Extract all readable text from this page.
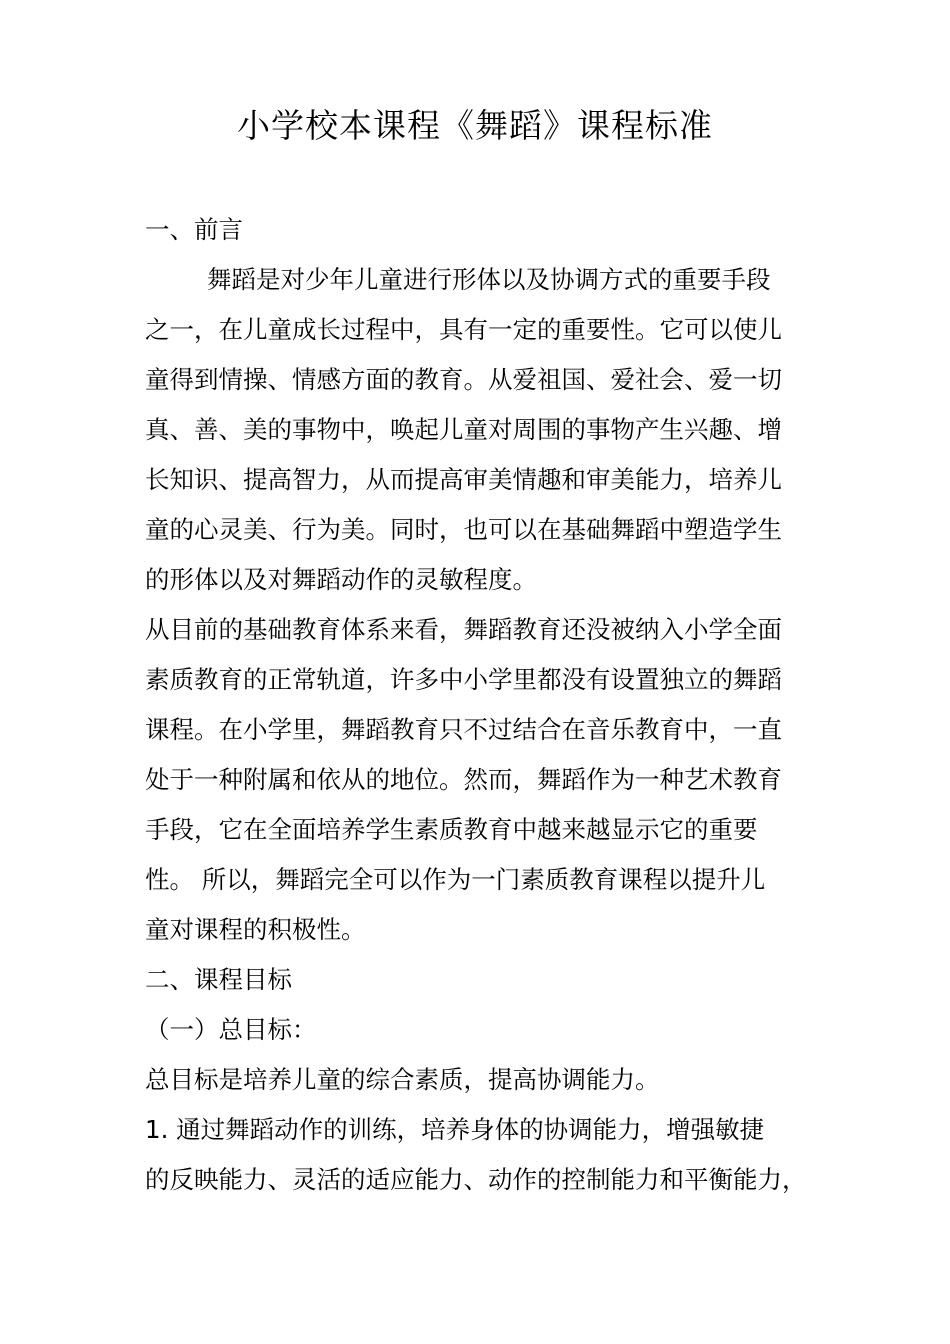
小学校本课程《舞蹈》课程标准

一、前言

舞蹈是对少年儿童进行形体以及协调方式的重要手段

之一，在儿童成长过程中，具有一定的重要性。它可以使儿

童得到情操、情感方面的教育。从爱祖国、爱社会、爱一切

真、善、美的事物中，唤起儿童对周围的事物产生兴趣、增

长知识、提高智力，从而提高审美情趣和审美能力，培养儿

童的心灵美、行为美。同时，也可以在基础舞蹈中塑造学生

的形体以及对舞蹈动作的灵敏程度。

从目前的基础教育体系来看，舞蹈教育还没被纳入小学全面

素质教育的正常轨道，许多中小学里都没有设置独立的舞蹈

课程。在小学里，舞蹈教育只不过结合在音乐教育中，一直

处于一种附属和依从的地位。然而，舞蹈作为一种艺术教育

手段，它在全面培养学生素质教育中越来越显示它的重要

性。 所以，舞蹈完全可以作为一门素质教育课程以提升儿

童对课程的积极性。

二、课程目标

（一）总目标：

总目标是培养儿童的综合素质，提高协调能力。

1. 通过舞蹈动作的训练，培养身体的协调能力，增强敏捷

的反映能力、灵活的适应能力、动作的控制能力和平衡能力，
